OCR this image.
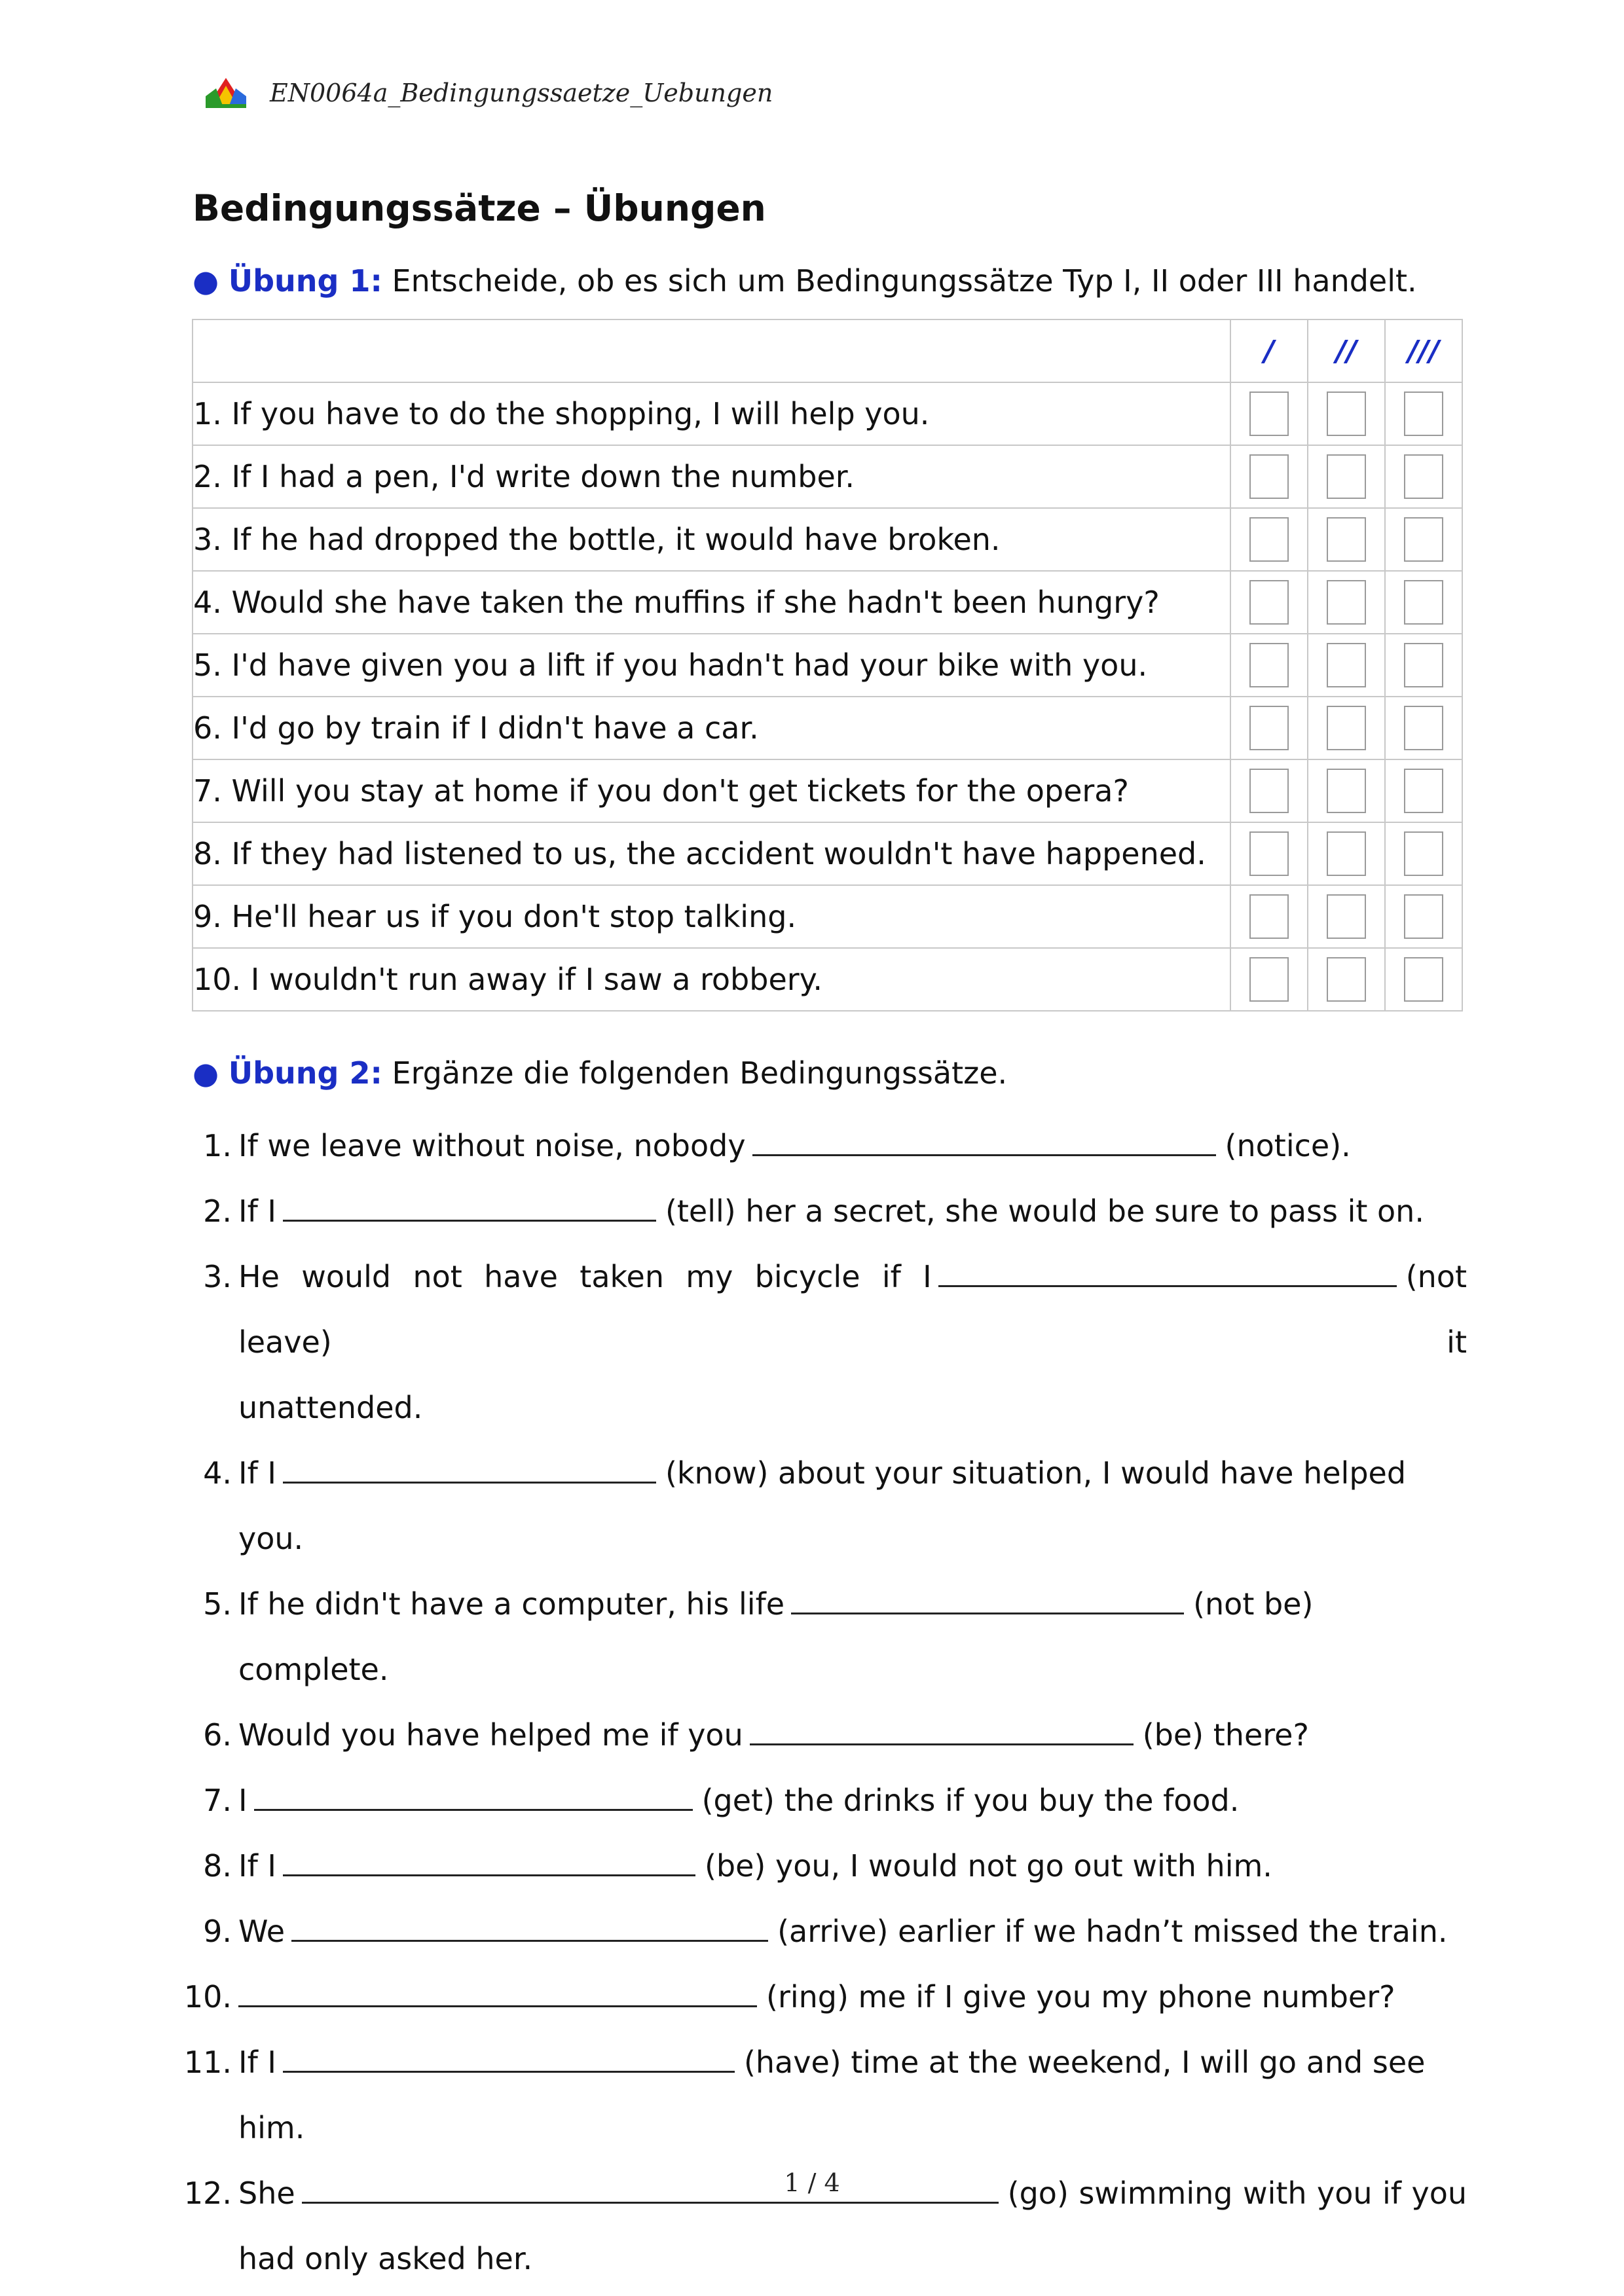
EN0064a_Bedingungssaetze_Uebungen
Bedingungssätze – Übungen

● Übung 1: Entscheide, ob es sich um Bedingungssätze Typ I, II oder III handelt.

	/	//	///
1. If you have to do the shopping, I will help you.			
2. If I had a pen, I'd write down the number.			
3. If he had dropped the bottle, it would have broken.			
4. Would she have taken the muffins if she hadn't been hungry?			
5. I'd have given you a lift if you hadn't had your bike with you.			
6. I'd go by train if I didn't have a car.			
7. Will you stay at home if you don't get tickets for the opera?			
8. If they had listened to us, the accident wouldn't have happened.			
9. He'll hear us if you don't stop talking.			
10. I wouldn't run away if I saw a robbery.			

● Übung 2: Ergänze die folgenden Bedingungssätze.

1. If we leave without noise, nobody	(notice).
2. If I	(tell) her a secret, she would be sure to pass it on.
3. He would not have taken my bicycle if I	(not leave) it
unattended.
4. If I	(know) about your situation, I would have helped you.
5. If he didn't have a computer, his life	(not be) complete.
6. Would you have helped me if you	(be) there?
7. I	(get) the drinks if you buy the food.
8. If I	(be) you, I would not go out with him.
9. We	(arrive) earlier if we hadn’t missed the train.
10.	(ring) me if I give you my phone number?
11. If I	(have) time at the weekend, I will go and see him.
12. She	(go) swimming with you if you
had only asked her.
1 / 4
